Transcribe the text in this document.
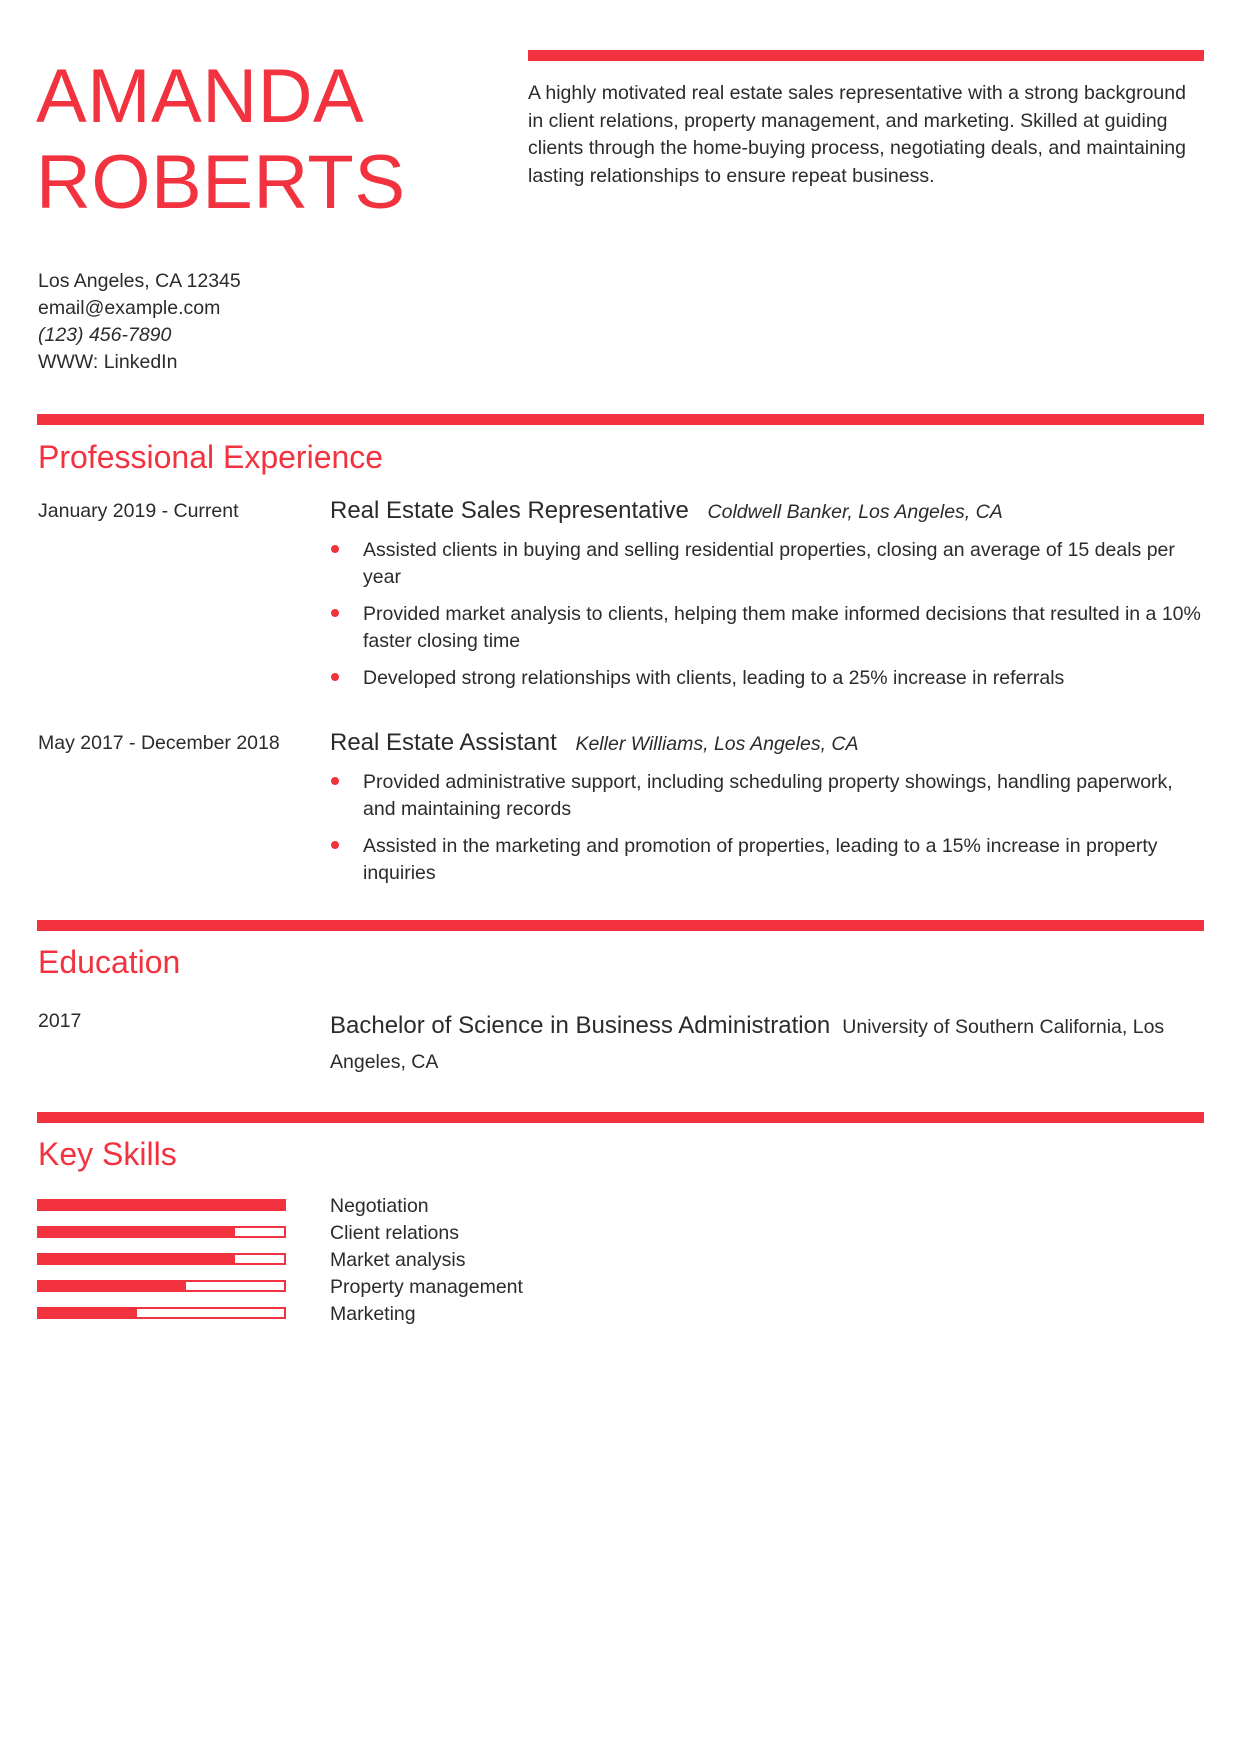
AMANDA
ROBERTS
A highly motivated real estate sales representative with a strong background in client relations, property management, and marketing. Skilled at guiding clients through the home-buying process, negotiating deals, and maintaining lasting relationships to ensure repeat business.
Los Angeles, CA 12345
email@example.com
(123) 456-7890
WWW: LinkedIn
Professional Experience
January 2019 - Current	Real Estate Sales Representative Coldwell Banker, Los Angeles, CA
Assisted clients in buying and selling residential properties, closing an average of 15 deals per year
Provided market analysis to clients, helping them make informed decisions that resulted in a 10% faster closing time
Developed strong relationships with clients, leading to a 25% increase in referrals
May 2017 - December 2018 Real Estate Assistant Keller Williams, Los Angeles, CA
Provided administrative support, including scheduling property showings, handling paperwork, and maintaining records
Assisted in the marketing and promotion of properties, leading to a 15% increase in property inquiries
Education
2017	Bachelor of Science in Business Administration University of Southern California, Los Angeles, CA
Key Skills
Negotiation
Client relations
Market analysis
Property management
Marketing
